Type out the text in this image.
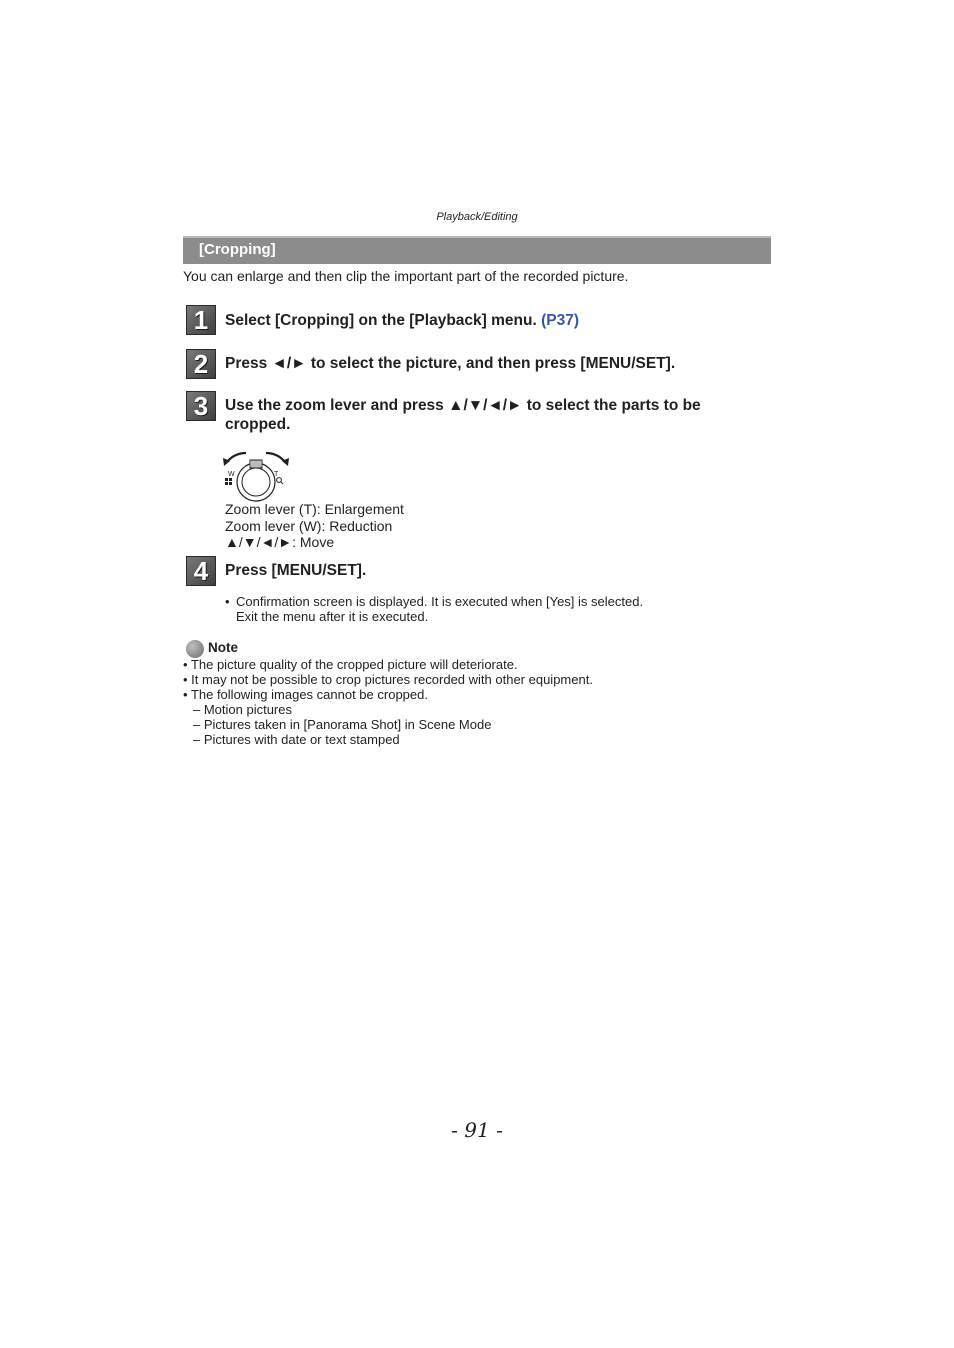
Playback/Editing
[Cropping]
You can enlarge and then clip the important part of the recorded picture.
1	Select [Cropping] on the [Playback] menu. (P37)
2	Press ◄/► to select the picture, and then press [MENU/SET].
3	Use the zoom lever and press ▲/▼/◄/► to select the parts to be
cropped.
W	T
Zoom lever (T): Enlargement
Zoom lever (W): Reduction
▲/▼/◄/►: Move
4	Press [MENU/SET].
• Confirmation screen is displayed. It is executed when [Yes] is selected.
Exit the menu after it is executed.
Note
• The picture quality of the cropped picture will deteriorate.
• It may not be possible to crop pictures recorded with other equipment.
• The following images cannot be cropped.
– Motion pictures
– Pictures taken in [Panorama Shot] in Scene Mode
– Pictures with date or text stamped
- 91 -
